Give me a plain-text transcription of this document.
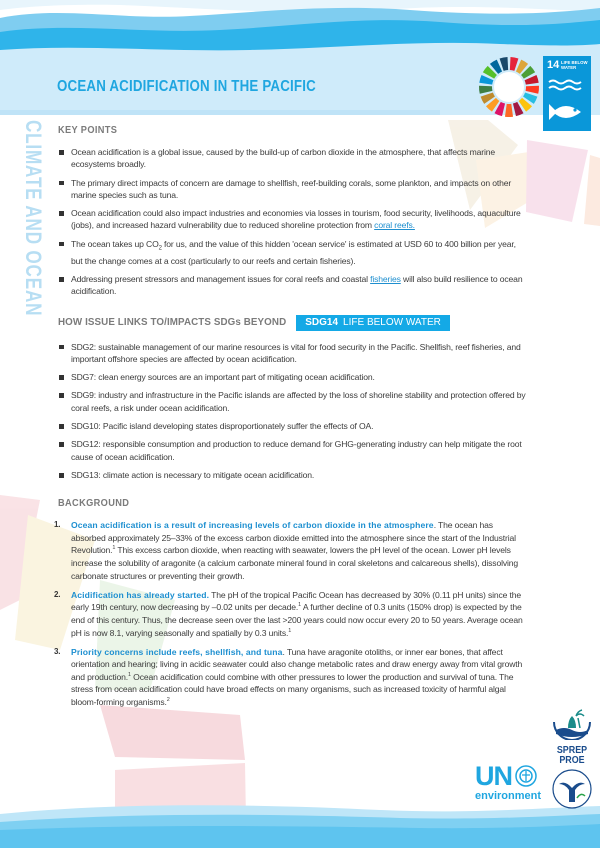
OCEAN ACIDIFICATION IN THE PACIFIC
14 LIFE BELOW WATER
CLIMATE AND OCEAN KEY POINTS
Ocean acidification is a global issue, caused by the build-up of carbon dioxide in the atmosphere, that affects marine ecosystems broadly.
The primary direct impacts of concern are damage to shellfish, reef-building corals, some plankton, and impacts on other marine species such as tuna.
Ocean acidification could also impact industries and economies via losses in tourism, food security, livelihoods, aquaculture (jobs), and increased hazard vulnerability due to reduced shoreline protection from coral reefs.
The ocean takes up $CO_2$ for us, and the value of this hidden 'ocean service' is estimated at USD 60 to 400 billion per year, but the change comes at a cost (particularly to our reefs and certain fisheries).
Addressing present stressors and management issues for coral reefs and coastal fisheries will also build resilience to ocean acidification.
HOW ISSUE LINKS TO/IMPACTS SDGs BEYOND SDG14 LIFE BELOW WATER
SDG2: sustainable management of our marine resources is vital for food security in the Pacific. Shellfish, reef fisheries, and important offshore species are affected by ocean acidification.
SDG7: clean energy sources are an important part of mitigating ocean acidification.
SDG9: industry and infrastructure in the Pacific islands are affected by the loss of shoreline stability and protection offered by coral reefs, a risk under ocean acidification.
SDG10: Pacific island developing states disproportionately suffer the effects of OA.
SDG12: responsible consumption and production to reduce demand for GHG-generating industry can help mitigate the root cause of ocean acidification.
SDG13: climate action is necessary to mitigate ocean acidification.
BACKGROUND
1. Ocean acidification is a result of increasing levels of carbon dioxide in the atmosphere. The ocean has absorbed approximately 25–33% of the excess carbon dioxide emitted into the atmosphere since the start of the Industrial Revolution.$^1$ This excess carbon dioxide, when reacting with seawater, lowers the pH level of the ocean. Lower pH levels increase the solubility of aragonite (a calcium carbonate mineral found in coral skeletons and calcareous shells), dissolving carbonate structures or preventing their growth.
2. Acidification has already started. The pH of the tropical Pacific Ocean has decreased by 30% (0.11 pH units) since the early 19th century, now decreasing by –0.02 units per decade.$^1$ A further decline of 0.3 units (150% drop) is expected by the end of this century. Thus, the decrease seen over the last >200 years could now occur every 20 to 50 years. Average ocean pH is now 8.1, varying seasonally and spatially by 0.3 units.$^1$
3. Priority concerns include reefs, shellfish, and tuna. Tuna have aragonite otoliths, or inner ear bones, that affect orientation and hearing; living in acidic seawater could also change metabolic rates and draw energy away from vital growth and production.$^1$ Ocean acidification could combine with other pressures to lower the production and survival of tuna. The stress from ocean acidification could have broad effects on many organisms, such as increased toxicity of harmful algal bloom-forming organisms.$^2$
SPREP
PROE
UN
environment
